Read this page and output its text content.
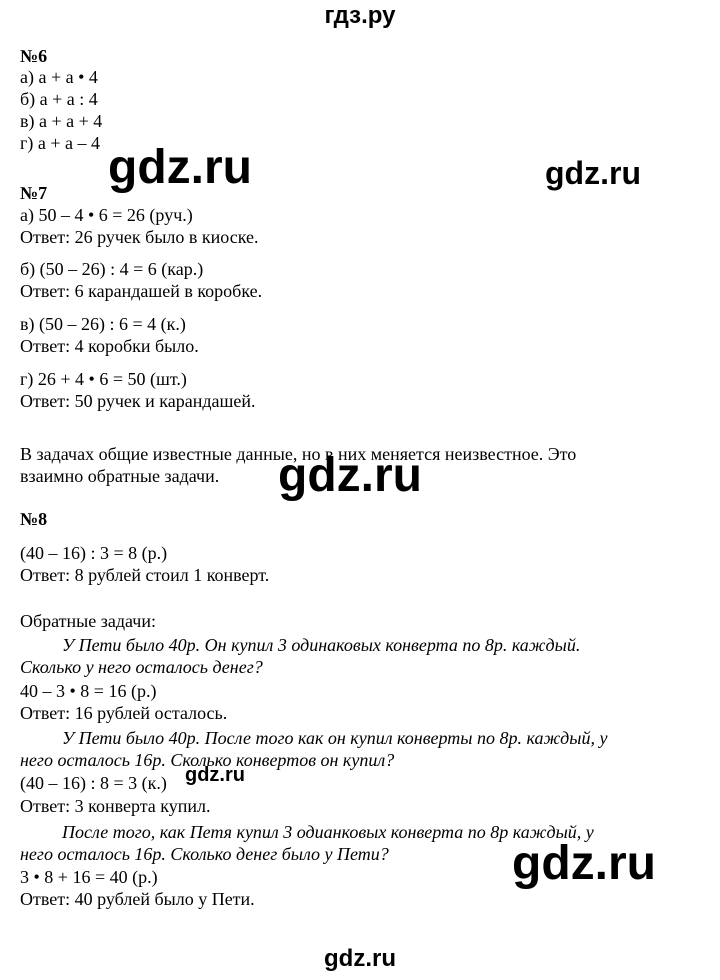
гдз.ру
№6
а) a + a • 4
б) a + a : 4
в) a + a + 4
г) a + a – 4
№7
а) 50 – 4 • 6 = 26 (руч.)
Ответ: 26 ручек было в киоске.
б) (50 – 26) : 4 = 6 (кар.)
Ответ: 6 карандашей в коробке.
в) (50 – 26) : 6 = 4 (к.)
Ответ: 4 коробки было.
г) 26 + 4 • 6 = 50 (шт.)
Ответ: 50 ручек и карандашей.
В задачах общие известные данные, но в них меняется неизвестное. Это
взаимно обратные задачи.
№8
(40 – 16) : 3 = 8 (р.)
Ответ: 8 рублей стоил 1 конверт.
Обратные задачи:
У Пети было 40р. Он купил 3 одинаковых конверта по 8р. каждый.
Сколько у него осталось денег?
40 – 3 • 8 = 16 (р.)
Ответ: 16 рублей осталось.
У Пети было 40р. После того как он купил конверты по 8р. каждый, у
него осталось 16р. Сколько конвертов он купил?
(40 – 16) : 8 = 3 (к.)
Ответ: 3 конверта купил.
После того, как Петя купил 3 одианковых конверта по 8р каждый, у
него осталось 16р. Сколько денег было у Пети?
3 • 8 + 16 = 40 (р.)
Ответ: 40 рублей было у Пети.
gdz.ru	gdz.ru
gdz.ru
gdz.ru
gdz.ru
gdz.ru
